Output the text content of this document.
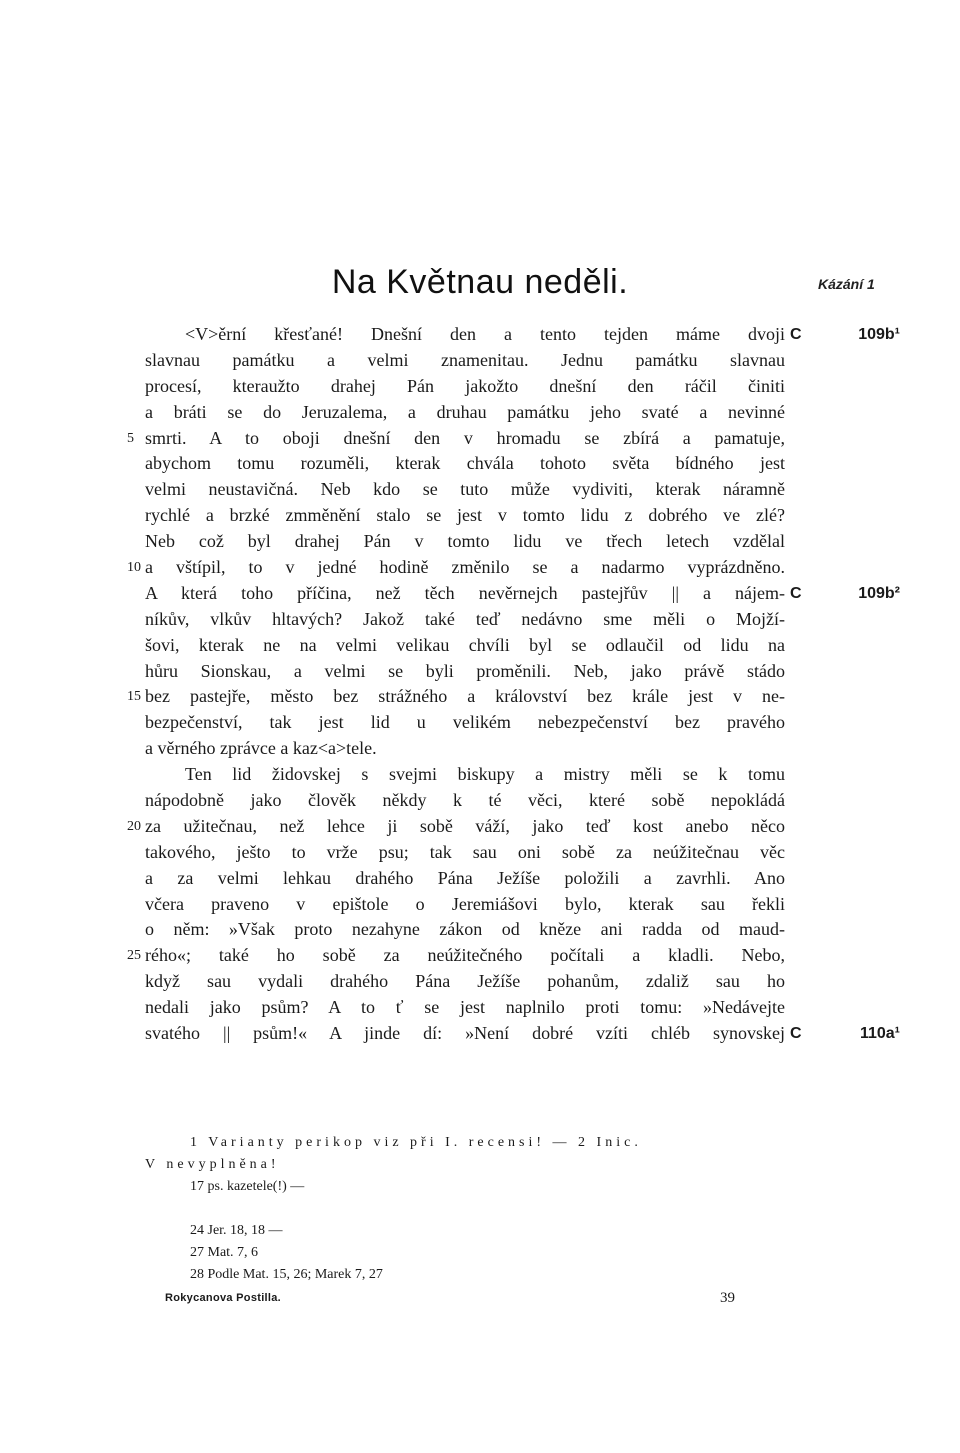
Na Květnau neděli.	Kázání 1
<V>ěrní křesťané! Dnešní den a tento tejden máme dvoji C 109b¹
slavnau památku a velmi znamenitau. Jednu památku slavnau
procesí, kteraužto drahej Pán jakožto dnešní den ráčil činiti
a bráti se do Jeruzalema, a druhau památku jeho svaté a nevinné
5 smrti. A to oboji dnešní den v hromadu se zbírá a pamatuje,
abychom tomu rozuměli, kterak chvála tohoto světa bídného jest
velmi neustavičná. Neb kdo se tuto může vydiviti, kterak náramně
rychlé a brzké zmměnění stalo se jest v tomto lidu z dobrého ve zlé?
Neb což byl drahej Pán v tomto lidu ve třech letech vzdělal
10 a vštípil, to v jedné hodině změnilo se a nadarmo vyprázdněno.
A která toho příčina, než těch nevěrnejch pastejřův || a nájem- C 109b²
níkův, vlkův hltavých? Jakož také teď nedávno sme měli o Mojží-
šovi, kterak ne na velmi velikau chvíli byl se odlaučil od lidu na
hůru Sionskau, a velmi se byli proměnili. Neb, jako právě stádo
15 bez pastejře, město bez strážného a království bez krále jest v ne-
bezpečenství, tak jest lid u velikém nebezpečenství bez pravého
a věrného zprávce a kaz<a>tele.
Ten lid židovskej s svejmi biskupy a mistry měli se k tomu
nápodobně jako člověk někdy k té věci, které sobě nepokládá
20 za užitečnau, než lehce ji sobě váží, jako teď kost anebo něco
takového, ješto to vrže psu; tak sau oni sobě za neúžitečnau věc
a za velmi lehkau drahého Pána Ježíše položili a zavrhli. Ano
včera praveno v epištole o Jeremiášovi bylo, kterak sau řekli
o něm: »Však proto nezahyne zákon od kněze ani radda od maud-
25 rého«; také ho sobě za neúžitečného počítali a kladli. Nebo,
když sau vydali drahého Pána Ježíše pohanům, zdaliž sau ho
nedali jako psům? A to ť se jest naplnilo proti tomu: »Nedávejte
svatého || psům!« A jinde dí: »Není dobré vzíti chléb synovskej C 110a¹
1 Varianty perikop viz při I. recensi! — 2 Inic.
V nevyplněna!
17 ps. kazetele(!) —
24 Jer. 18, 18 —
27 Mat. 7, 6
28 Podle Mat. 15, 26; Marek 7, 27
Rokycanova Postilla.	39
